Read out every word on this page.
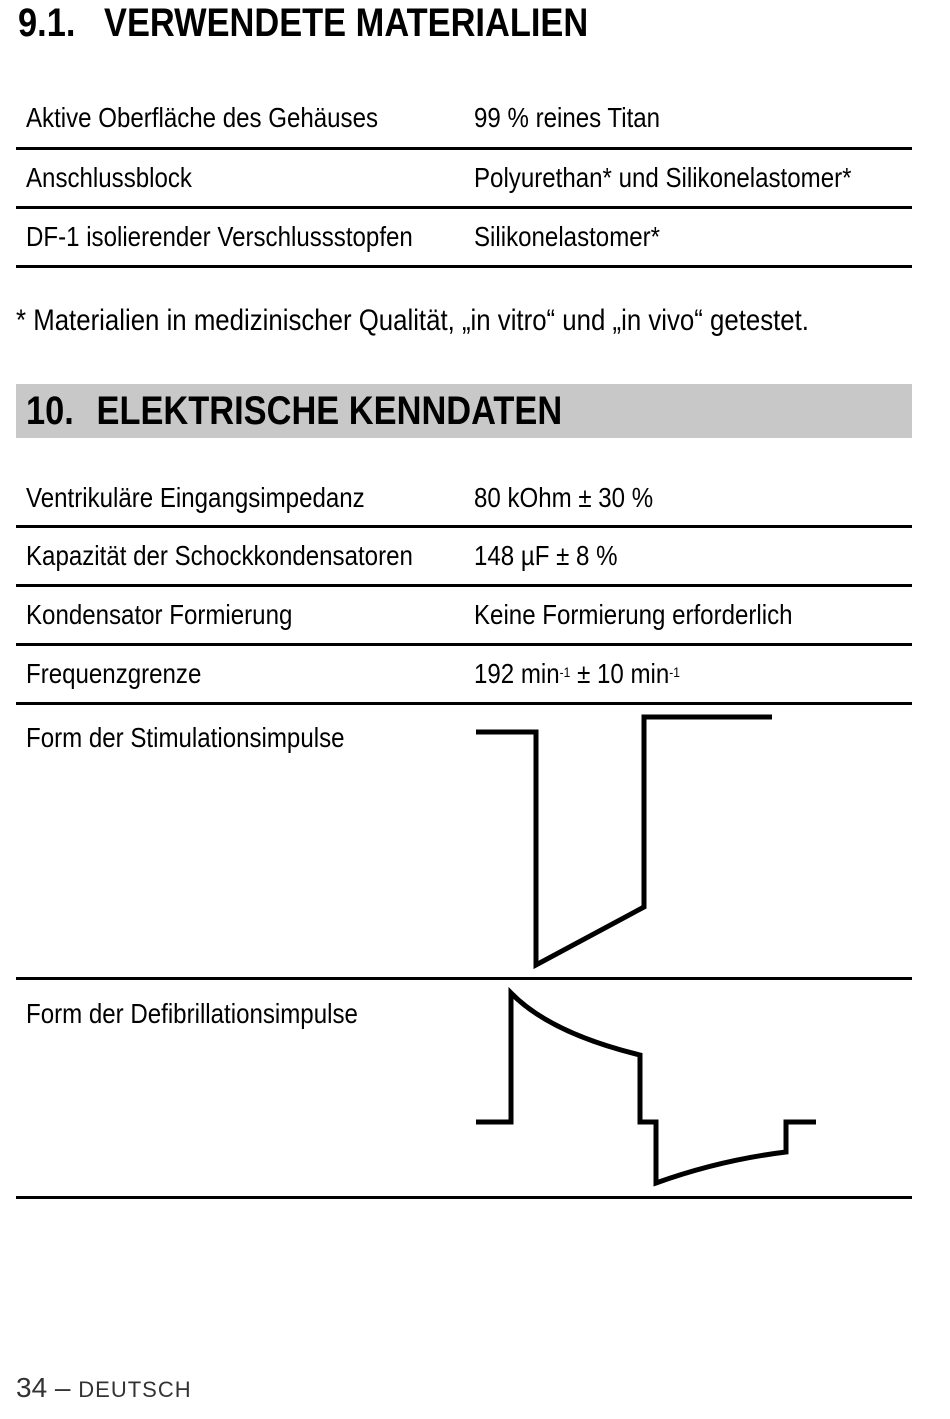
9.1. VERWENDETE MATERIALIEN
Aktive Oberfläche des Gehäuses	99 % reines Titan
Anschlussblock	Polyurethan* und Silikonelastomer*
DF-1 isolierender Verschlussstopfen	Silikonelastomer*
* Materialien in medizinischer Qualität, „in vitro“ und „in vivo“ getestet.
10. ELEKTRISCHE KENNDATEN
Ventrikuläre Eingangsimpedanz	80 kOhm ± 30 %
Kapazität der Schockkondensatoren	148 µF ± 8 %
Kondensator Formierung	Keine Formierung erforderlich
Frequenzgrenze	192 $\min^{-1} \pm 10$ $\min^{-1}$
Form der Stimulationsimpulse
Form der Defibrillationsimpulse
34 – DEUTSCH
